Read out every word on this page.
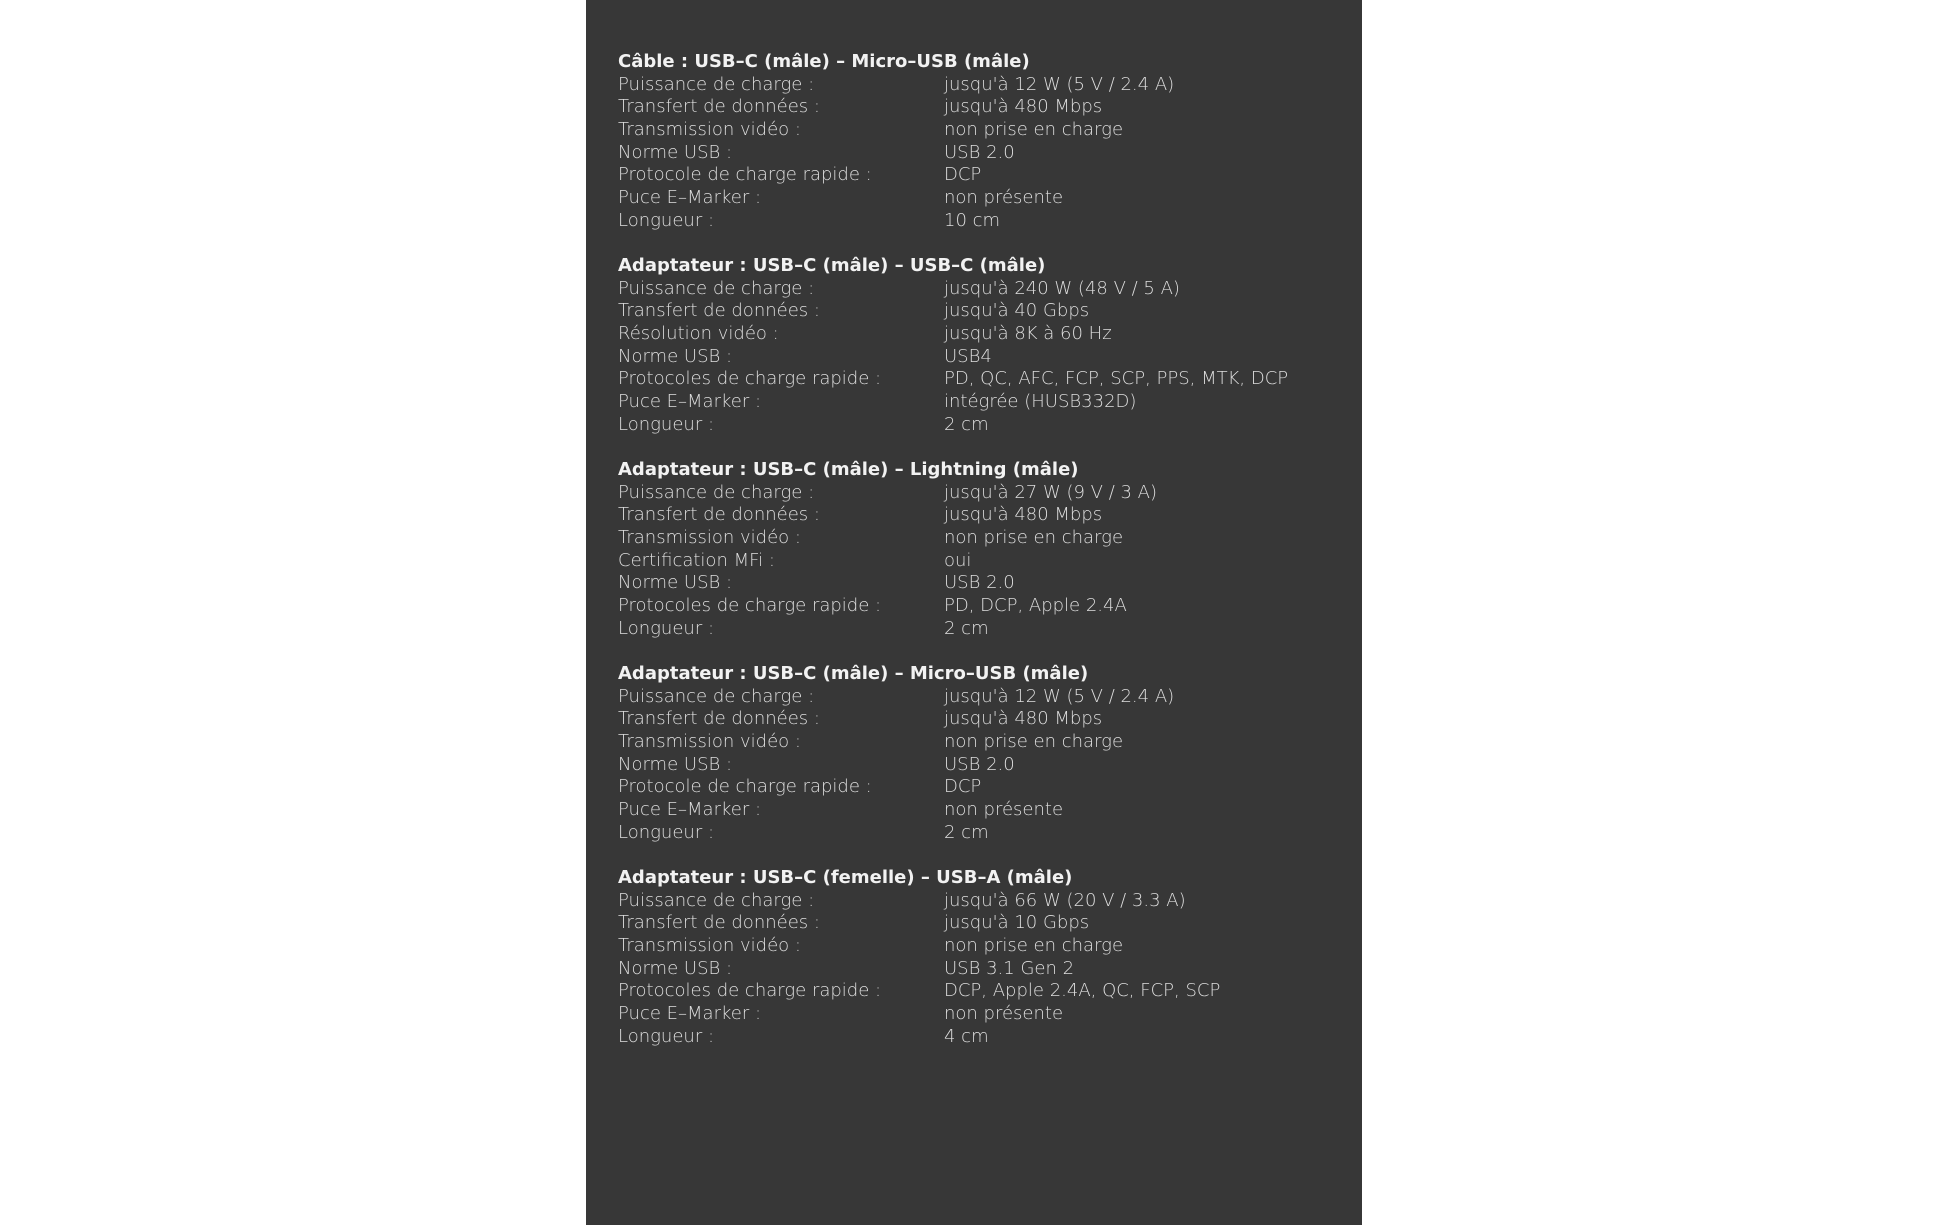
Câble : USB–C (mâle) – Micro–USB (mâle)
Puissance de charge :	jusqu'à 12 W (5 V / 2.4 A)
Transfert de données :	jusqu'à 480 Mbps
Transmission vidéo :	non prise en charge
Norme USB :	USB 2.0
Protocole de charge rapide :	DCP
Puce E–Marker :	non présente
Longueur :	10 cm
Adaptateur : USB–C (mâle) – USB–C (mâle)
Puissance de charge :	jusqu'à 240 W (48 V / 5 A)
Transfert de données :	jusqu'à 40 Gbps
Résolution vidéo :	jusqu'à 8K à 60 Hz
Norme USB :	USB4
Protocoles de charge rapide :	PD, QC, AFC, FCP, SCP, PPS, MTK, DCP
Puce E–Marker :	intégrée (HUSB332D)
Longueur :	2 cm
Adaptateur : USB–C (mâle) – Lightning (mâle)
Puissance de charge :	jusqu'à 27 W (9 V / 3 A)
Transfert de données :	jusqu'à 480 Mbps
Transmission vidéo :	non prise en charge
Certification MFi :	oui
Norme USB :	USB 2.0
Protocoles de charge rapide :	PD, DCP, Apple 2.4A
Longueur :	2 cm
Adaptateur : USB–C (mâle) – Micro–USB (mâle)
Puissance de charge :	jusqu'à 12 W (5 V / 2.4 A)
Transfert de données :	jusqu'à 480 Mbps
Transmission vidéo :	non prise en charge
Norme USB :	USB 2.0
Protocole de charge rapide :	DCP
Puce E–Marker :	non présente
Longueur :	2 cm
Adaptateur : USB–C (femelle) – USB–A (mâle)
Puissance de charge :	jusqu'à 66 W (20 V / 3.3 A)
Transfert de données :	jusqu'à 10 Gbps
Transmission vidéo :	non prise en charge
Norme USB :	USB 3.1 Gen 2
Protocoles de charge rapide :	DCP, Apple 2.4A, QC, FCP, SCP
Puce E–Marker :	non présente
Longueur :	4 cm
